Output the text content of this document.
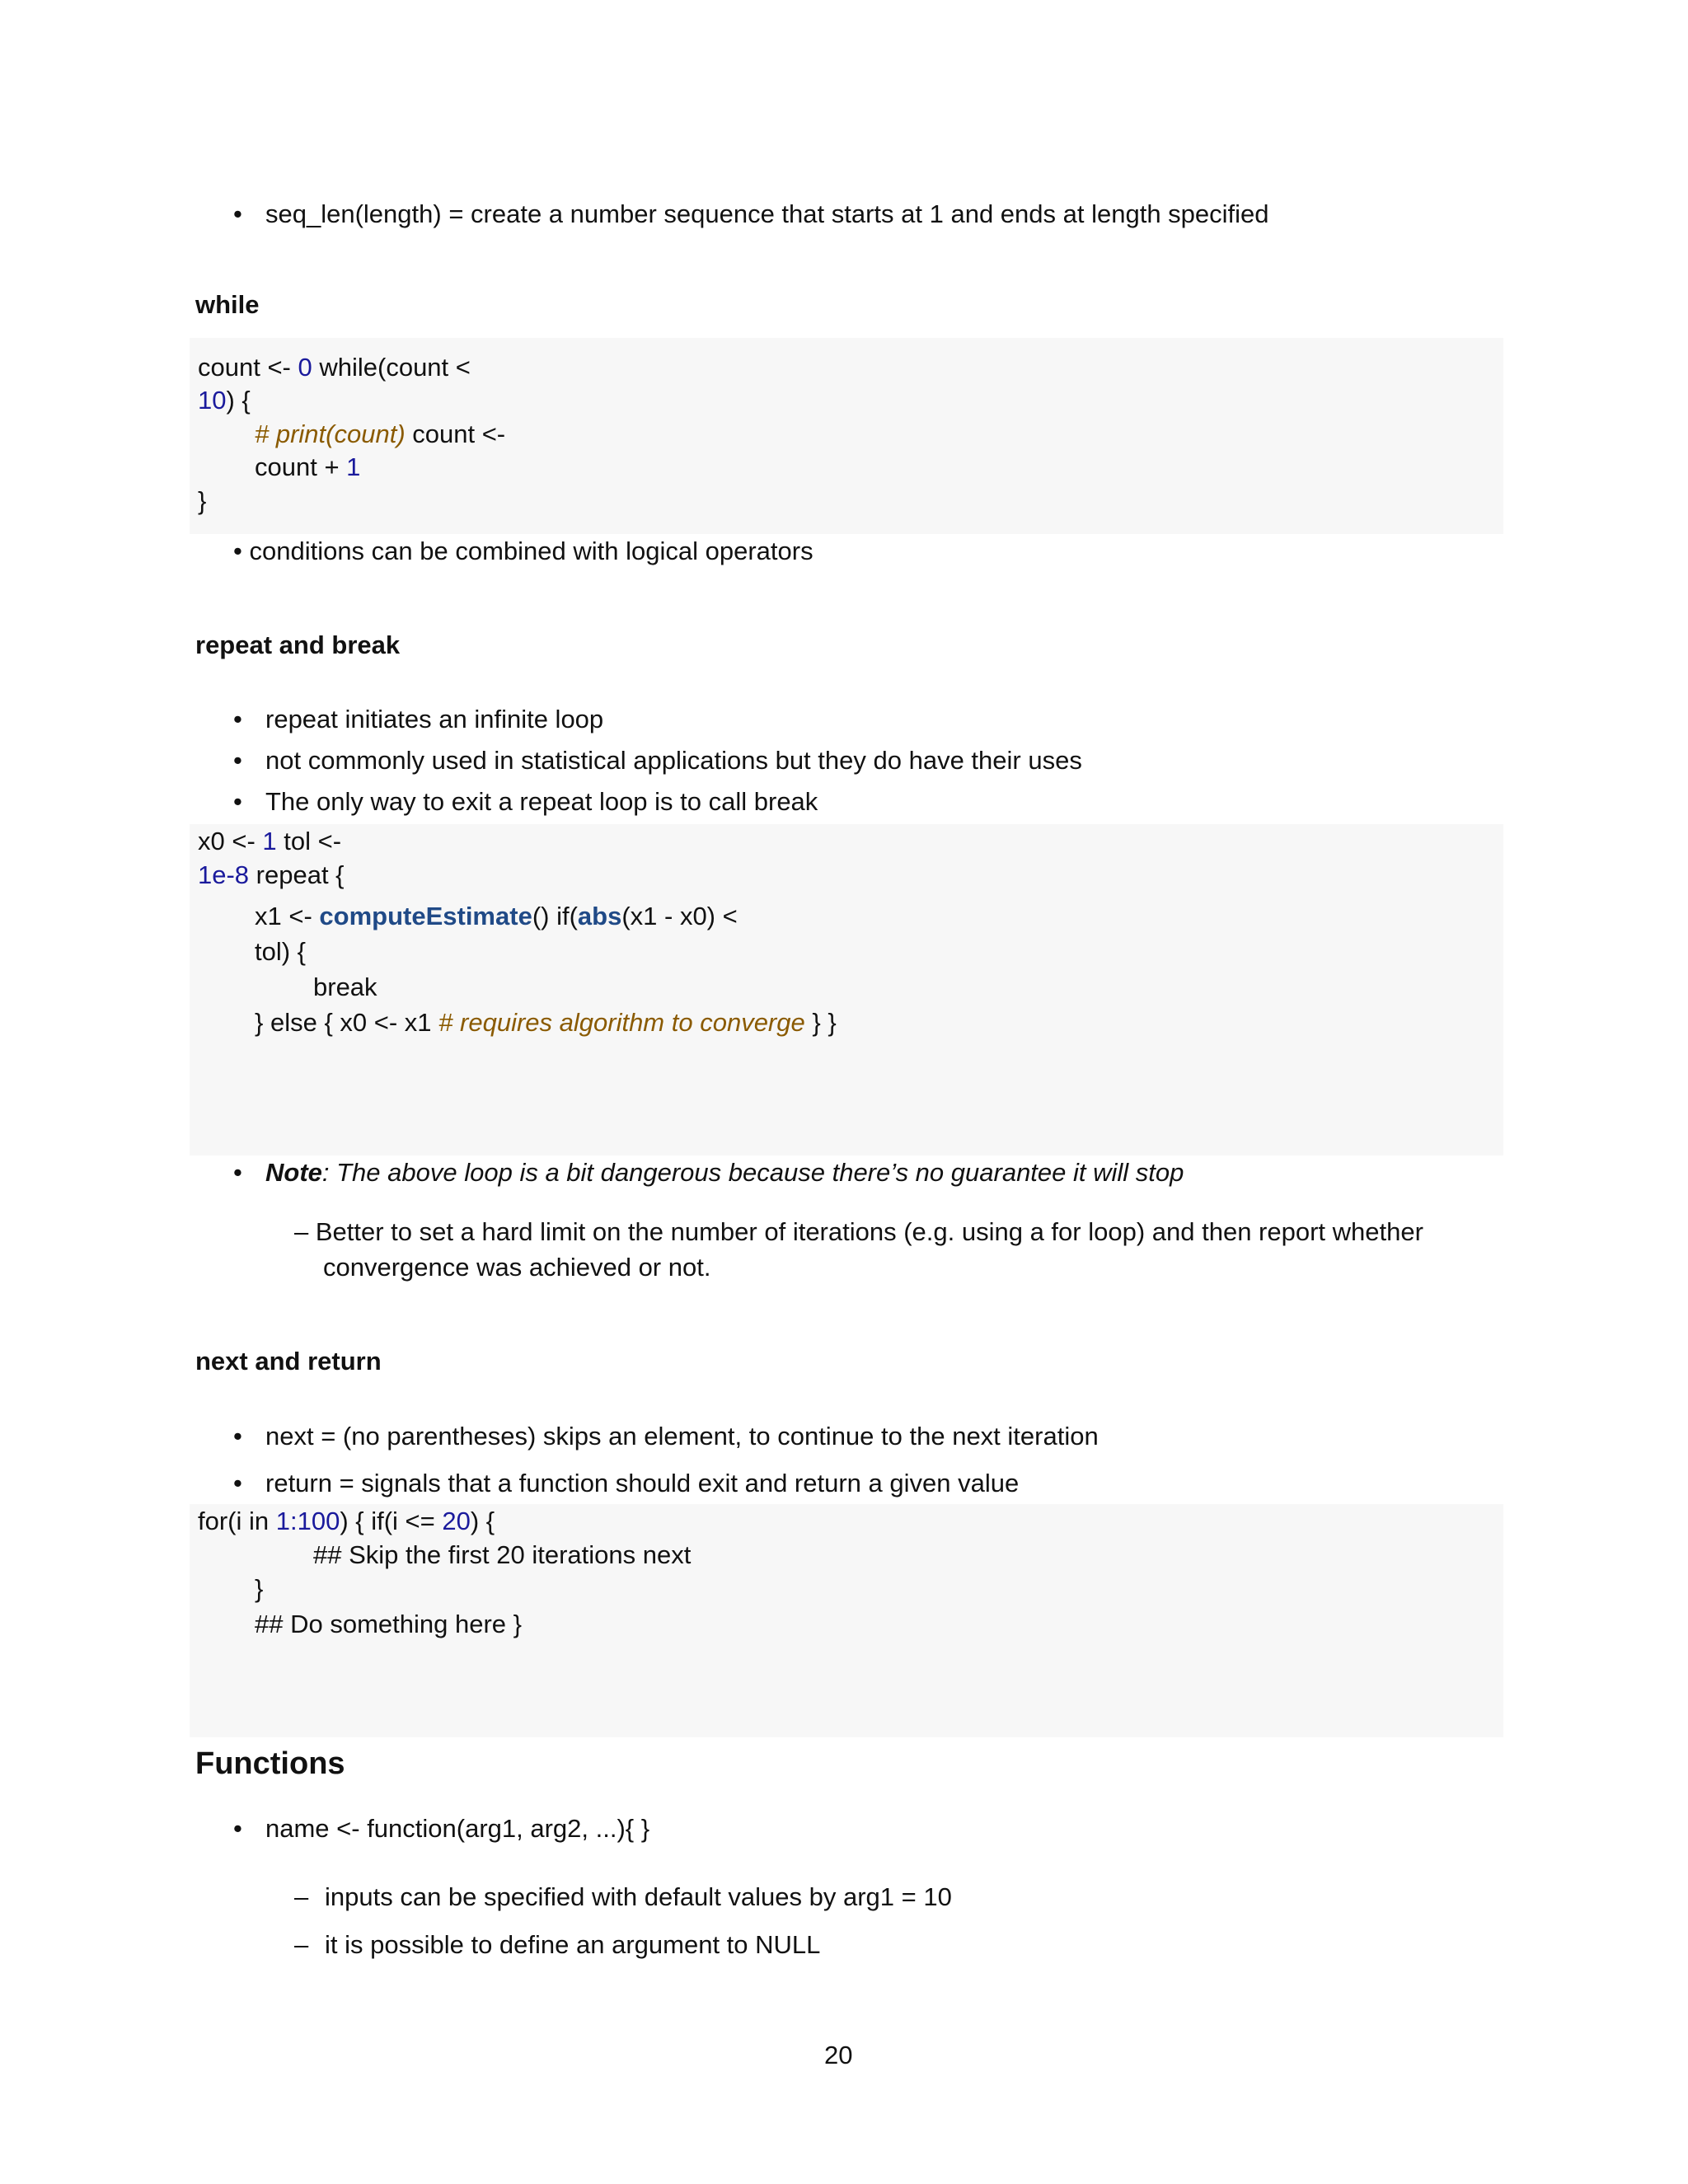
• seq_len(length) = create a number sequence that starts at 1 and ends at length specified
while
count <- 0 while(count <
10) {
# print(count) count <-
count + 1
}
• conditions can be combined with logical operators
repeat and break
• repeat initiates an infinite loop
• not commonly used in statistical applications but they do have their uses
• The only way to exit a repeat loop is to call break
x0 <- 1 tol <-
1e-8 repeat {
x1 <- computeEstimate() if(abs(x1 - x0) <
tol) {
break
} else { x0 <- x1 # requires algorithm to converge } }
• Note: The above loop is a bit dangerous because there’s no guarantee it will stop
– Better to set a hard limit on the number of iterations (e.g. using a for loop) and then report whether
convergence was achieved or not.
next and return
• next = (no parentheses) skips an element, to continue to the next iteration
• return = signals that a function should exit and return a given value
for(i in 1:100) { if(i <= 20) {
## Skip the first 20 iterations next
}
## Do something here }
Functions
• name <- function(arg1, arg2, ...){ }
– inputs can be specified with default values by arg1 = 10
– it is possible to define an argument to NULL
20
